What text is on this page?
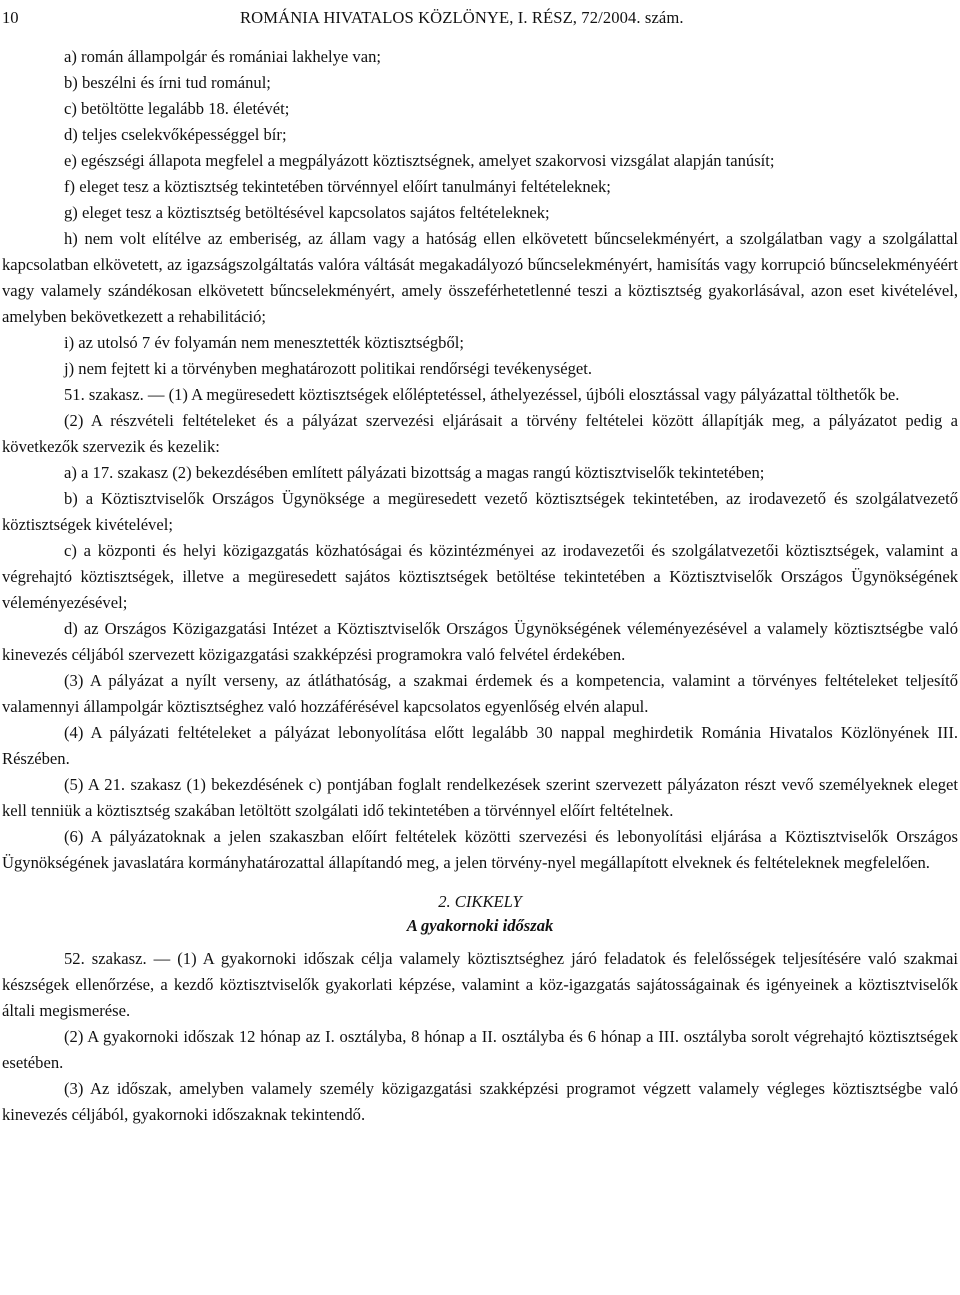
10	ROMÁNIA HIVATALOS KÖZLÖNYE, I. RÉSZ, 72/2004. szám.

a) román állampolgár és romániai lakhelye van;

b) beszélni és írni tud románul;

c) betöltötte legalább 18. életévét;

d) teljes cselekvőképességgel bír;

e) egészségi állapota megfelel a megpályázott köztisztségnek, amelyet szakorvosi vizsgálat alapján tanúsít;

f) eleget tesz a köztisztség tekintetében törvénnyel előírt tanulmányi feltételeknek;

g) eleget tesz a köztisztség betöltésével kapcsolatos sajátos feltételeknek;

h) nem volt elítélve az emberiség, az állam vagy a hatóság ellen elkövetett bűncselekményért, a szolgálatban vagy a szolgálattal kapcsolatban elkövetett, az igazságszolgáltatás valóra váltását megakadályozó bűncselekményért, hamisítás vagy korrupció bűncselekményéért vagy valamely szándékosan elkövetett bűncselekményért, amely összeférhetetlenné teszi a köztisztség gyakorlásával, azon eset kivételével, amelyben bekövetkezett a rehabilitáció;

i) az utolsó 7 év folyamán nem menesztették köztisztségből;

j) nem fejtett ki a törvényben meghatározott politikai rendőrségi tevékenységet.

51. szakasz. — (1) A megüresedett köztisztségek előléptetéssel, áthelyezéssel, újbóli elosztással vagy pályázattal tölthetők be.

(2) A részvételi feltételeket és a pályázat szervezési eljárásait a törvény feltételei között állapítják meg, a pályázatot pedig a következők szervezik és kezelik:

a) a 17. szakasz (2) bekezdésében említett pályázati bizottság a magas rangú köztisztviselők tekintetében;

b) a Köztisztviselők Országos Ügynöksége a megüresedett vezető köztisztségek tekintetében, az irodavezető és szolgálatvezető köztisztségek kivételével;

c) a központi és helyi közigazgatás közhatóságai és közintézményei az irodavezetői és szolgálatvezetői köztisztségek, valamint a végrehajtó köztisztségek, illetve a megüresedett sajátos köztisztségek betöltése tekintetében a Köztisztviselők Országos Ügynökségének véleményezésével;

d) az Országos Közigazgatási Intézet a Köztisztviselők Országos Ügynökségének véleményezésével a valamely köztisztségbe való kinevezés céljából szervezett közigazgatási szakképzési programokra való felvétel érdekében.

(3) A pályázat a nyílt verseny, az átláthatóság, a szakmai érdemek és a kompetencia, valamint a törvényes feltételeket teljesítő valamennyi állampolgár köztisztséghez való hozzáférésével kapcsolatos egyenlőség elvén alapul.

(4) A pályázati feltételeket a pályázat lebonyolítása előtt legalább 30 nappal meghirdetik Románia Hivatalos Közlönyének III. Részében.

(5) A 21. szakasz (1) bekezdésének c) pontjában foglalt rendelkezések szerint szervezett pályázaton részt vevő személyeknek eleget kell tenniük a köztisztség szakában letöltött szolgálati idő tekintetében a törvénnyel előírt feltételnek.

(6) A pályázatoknak a jelen szakaszban előírt feltételek közötti szervezési és lebonyolítási eljárása a Köztisztviselők Országos Ügynökségének javaslatára kormányhatározattal állapítandó meg, a jelen törvény-nyel megállapított elveknek és feltételeknek megfelelően.

2. CIKKELY

A gyakornoki időszak

52. szakasz. — (1) A gyakornoki időszak célja valamely köztisztséghez járó feladatok és felelősségek teljesítésére való szakmai készségek ellenőrzése, a kezdő köztisztviselők gyakorlati képzése, valamint a köz-igazgatás sajátosságainak és igényeinek a köztisztviselők általi megismerése.

(2) A gyakornoki időszak 12 hónap az I. osztályba, 8 hónap a II. osztályba és 6 hónap a III. osztályba sorolt végrehajtó köztisztségek esetében.

(3) Az időszak, amelyben valamely személy közigazgatási szakképzési programot végzett valamely végleges köztisztségbe való kinevezés céljából, gyakornoki időszaknak tekintendő.
